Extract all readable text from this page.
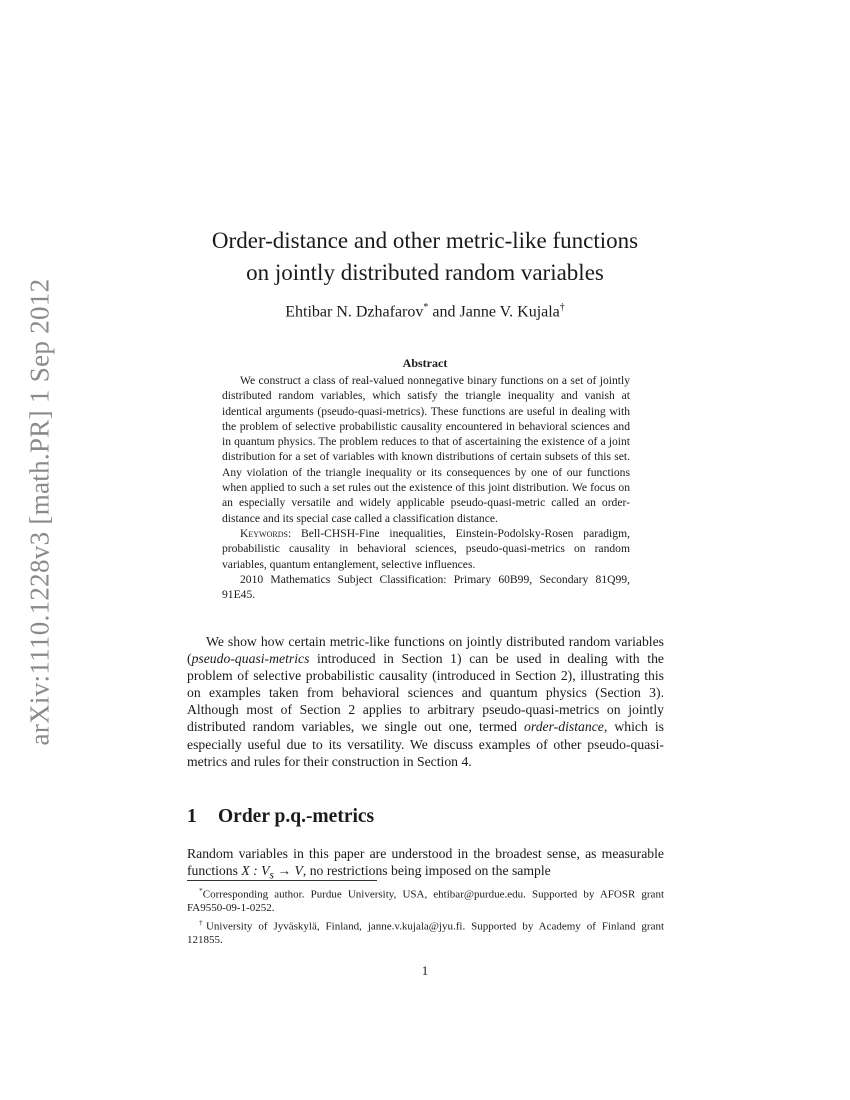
arXiv:1110.1228v3 [math.PR] 1 Sep 2012
Order-distance and other metric-like functions
on jointly distributed random variables
Ehtibar N. Dzhafarov* and Janne V. Kujala†
Abstract

We construct a class of real-valued nonnegative binary functions on a set of jointly distributed random variables, which satisfy the triangle inequality and vanish at identical arguments (pseudo-quasi-metrics). These functions are useful in dealing with the problem of selective probabilistic causality encountered in behavioral sciences and in quantum physics. The problem reduces to that of ascertaining the existence of a joint distribution for a set of variables with known distributions of certain subsets of this set. Any violation of the triangle inequality or its consequences by one of our functions when applied to such a set rules out the existence of this joint distribution. We focus on an especially versatile and widely applicable pseudo-quasi-metric called an order-distance and its special case called a classification distance.

Keywords: Bell-CHSH-Fine inequalities, Einstein-Podolsky-Rosen paradigm, probabilistic causality in behavioral sciences, pseudo-quasi-metrics on random variables, quantum entanglement, selective influences.

2010 Mathematics Subject Classification: Primary 60B99, Secondary 81Q99, 91E45.

We show how certain metric-like functions on jointly distributed random variables (pseudo-quasi-metrics introduced in Section 1) can be used in dealing with the problem of selective probabilistic causality (introduced in Section 2), illustrating this on examples taken from behavioral sciences and quantum physics (Section 3). Although most of Section 2 applies to arbitrary pseudo-quasi-metrics on jointly distributed random variables, we single out one, termed order-distance, which is especially useful due to its versatility. We discuss examples of other pseudo-quasi-metrics and rules for their construction in Section 4.

1 Order p.q.-metrics

Random variables in this paper are understood in the broadest sense, as measurable functions X : $V_s \to V$, no restrictions being imposed on the sample

*Corresponding author. Purdue University, USA, ehtibar@purdue.edu. Supported by AFOSR grant FA9550-09-1-0252.

†University of Jyväskylä, Finland, janne.v.kujala@jyu.fi. Supported by Academy of Finland grant 121855.

1
